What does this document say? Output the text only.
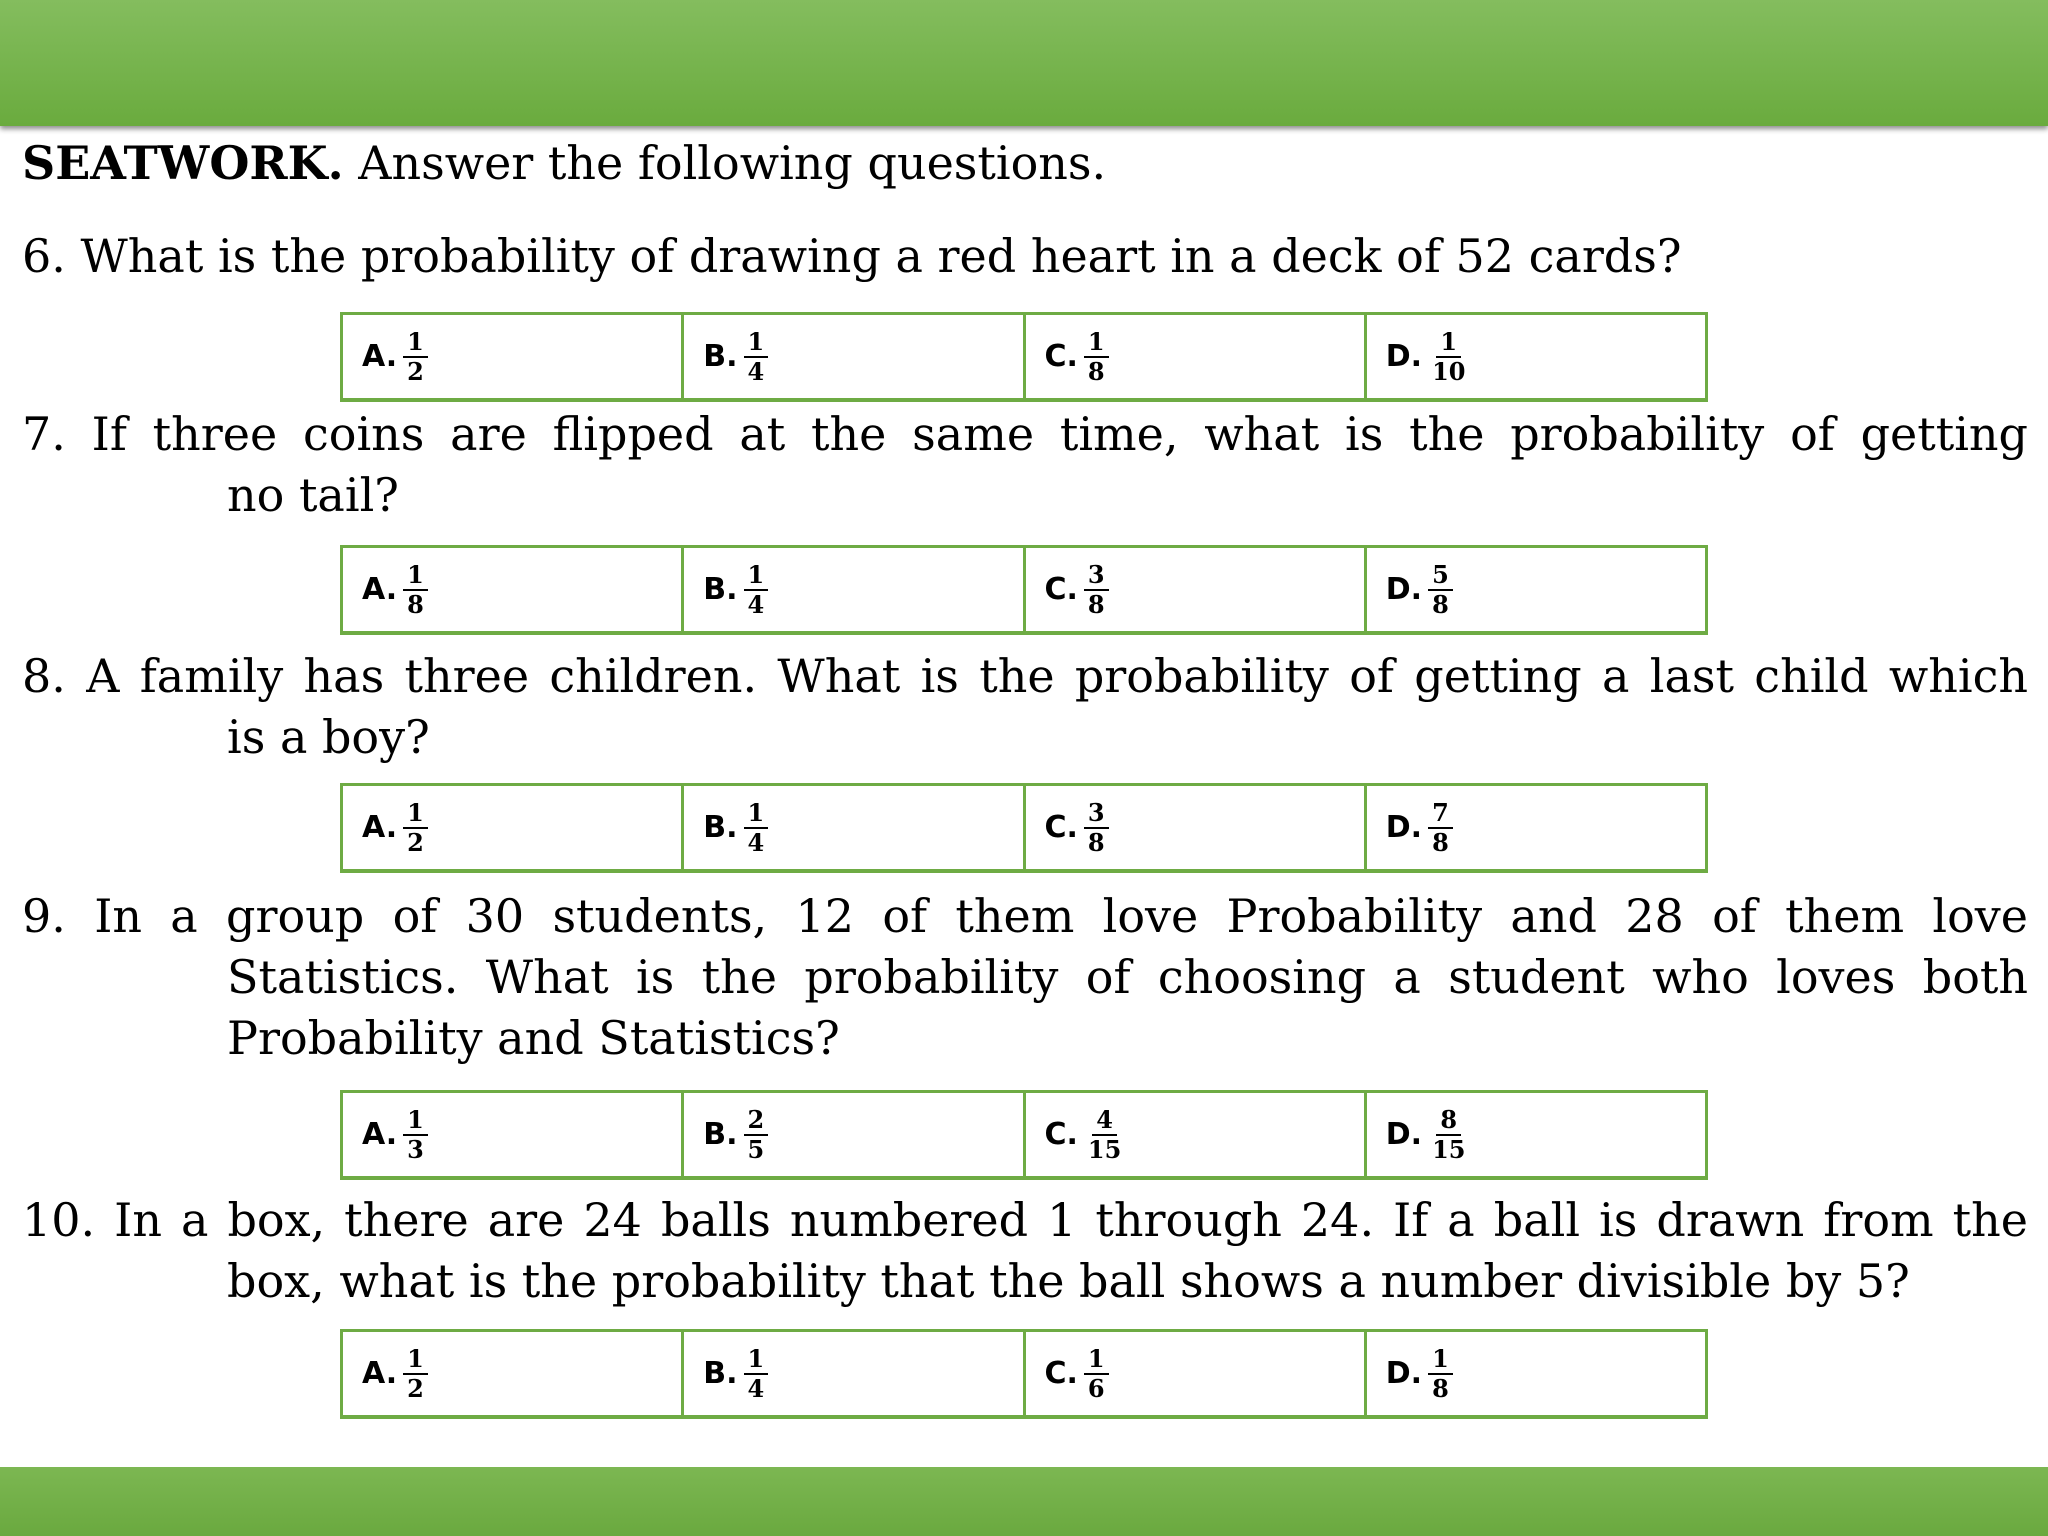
SEATWORK. Answer the following questions.
6. What is the probability of drawing a red heart in a deck of 52 cards?
A. $\frac{1}{2}$	B. $\frac{1}{4}$	C. $\frac{1}{8}$	D. $\frac{1}{10}$
7. If three coins are flipped at the same time, what is the probability of getting
no tail?
A. $\frac{1}{8}$	B. $\frac{1}{4}$	C. $\frac{3}{8}$	D. $\frac{5}{8}$
8. A family has three children. What is the probability of getting a last child which
is a boy?
A. $\frac{1}{2}$	B. $\frac{1}{4}$	C. $\frac{3}{8}$	D. $\frac{7}{8}$
9. In a group of 30 students, 12 of them love Probability and 28 of them love
Statistics. What is the probability of choosing a student who loves both
Probability and Statistics?
A. $\frac{1}{3}$	B. $\frac{2}{5}$	C. $\frac{4}{15}$	D. $\frac{8}{15}$
10. In a box, there are 24 balls numbered 1 through 24. If a ball is drawn from the
box, what is the probability that the ball shows a number divisible by 5?
A. $\frac{1}{2}$	B. $\frac{1}{4}$	C. $\frac{1}{6}$	D. $\frac{1}{8}$
